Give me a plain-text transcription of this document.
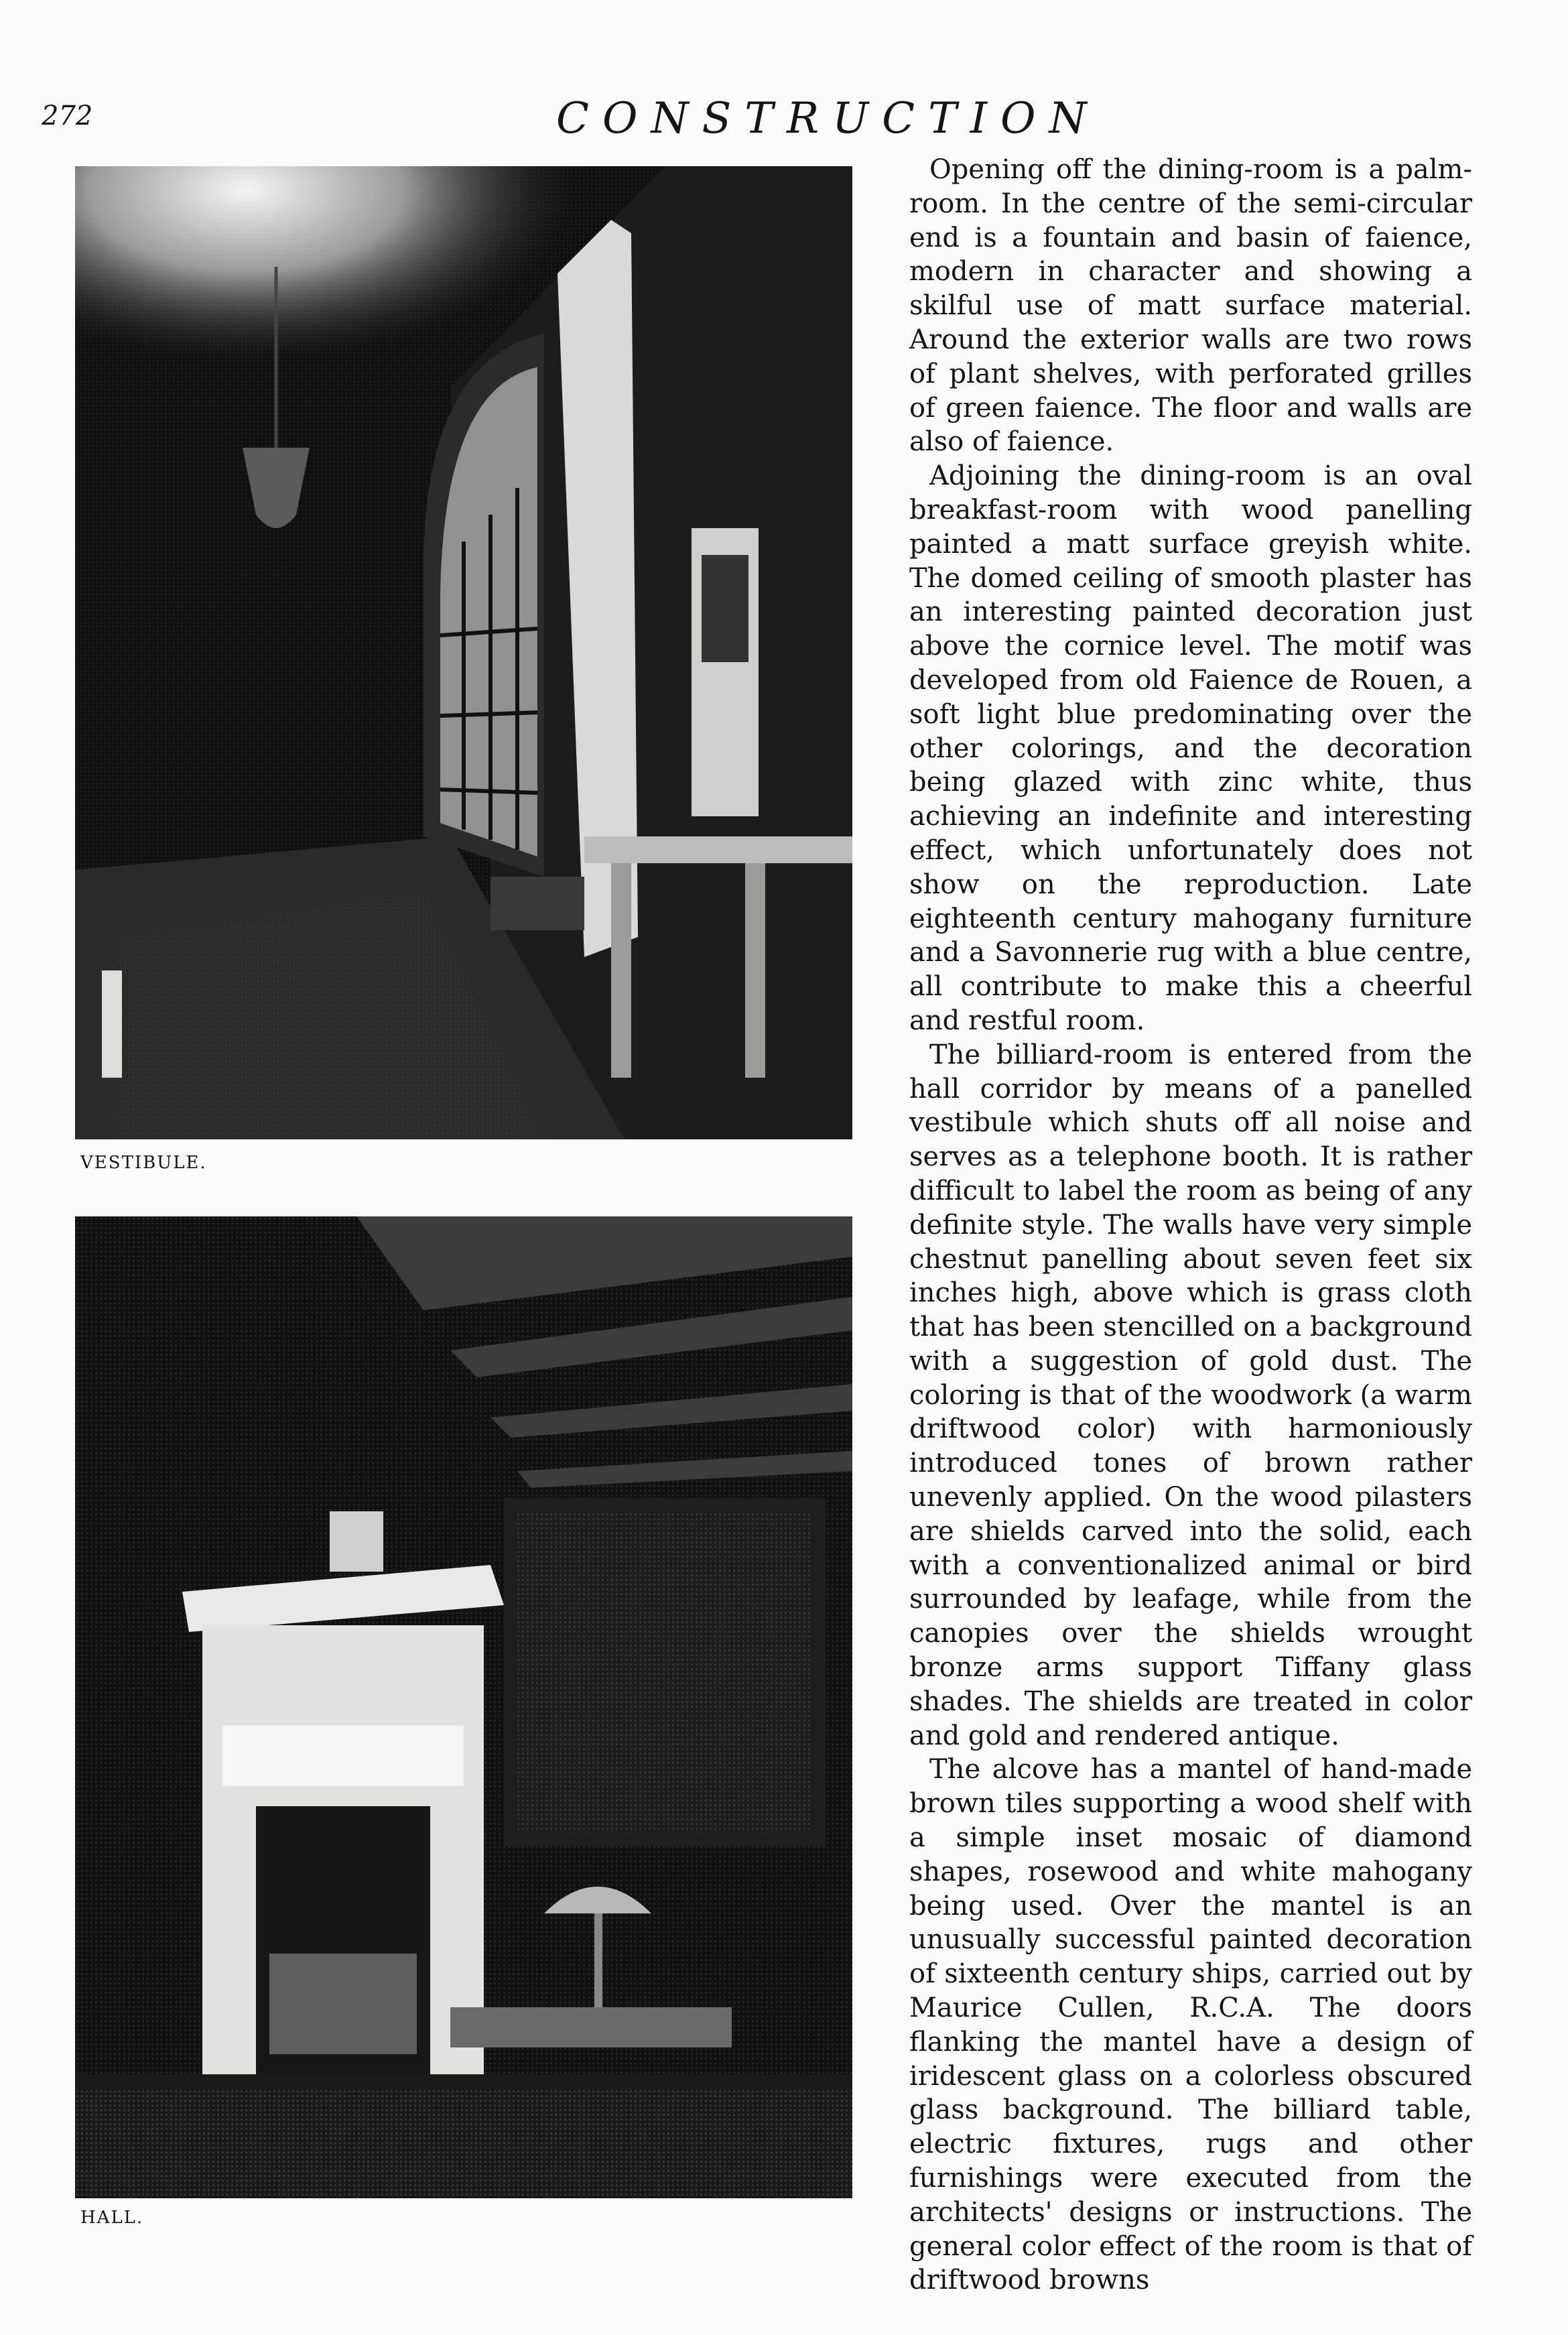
272	CONSTRUCTION
VESTIBULE.
HALL.

Opening off the dining-room is a palm-room. In the centre of the semi-circular end is a fountain and basin of faience, modern in character and showing a skilful use of matt surface material. Around the exterior walls are two rows of plant shelves, with perforated grilles of green faience. The floor and walls are also of faience.

Adjoining the dining-room is an oval breakfast-room with wood panelling painted a matt surface greyish white. The domed ceiling of smooth plaster has an interesting painted decoration just above the cornice level. The motif was developed from old Faience de Rouen, a soft light blue predominating over the other colorings, and the decoration being glazed with zinc white, thus achieving an indefinite and interesting effect, which unfortunately does not show on the reproduction. Late eighteenth century mahogany furniture and a Savonnerie rug with a blue centre, all contribute to make this a cheerful and restful room.

The billiard-room is entered from the hall corridor by means of a panelled vestibule which shuts off all noise and serves as a telephone booth. It is rather difficult to label the room as being of any definite style. The walls have very simple chestnut panelling about seven feet six inches high, above which is grass cloth that has been stencilled on a background with a suggestion of gold dust. The coloring is that of the woodwork (a warm driftwood color) with harmoniously introduced tones of brown rather unevenly applied. On the wood pilasters are shields carved into the solid, each with a conventionalized animal or bird surrounded by leafage, while from the canopies over the shields wrought bronze arms support Tiffany glass shades. The shields are treated in color and gold and rendered antique.

The alcove has a mantel of hand-made brown tiles supporting a wood shelf with a simple inset mosaic of diamond shapes, rosewood and white mahogany being used. Over the mantel is an unusually successful painted decoration of sixteenth century ships, carried out by Maurice Cullen, R.C.A. The doors flanking the mantel have a design of iridescent glass on a colorless obscured glass background. The billiard table, electric fixtures, rugs and other furnishings were executed from the architects' designs or instructions. The general color effect of the room is that of driftwood browns
